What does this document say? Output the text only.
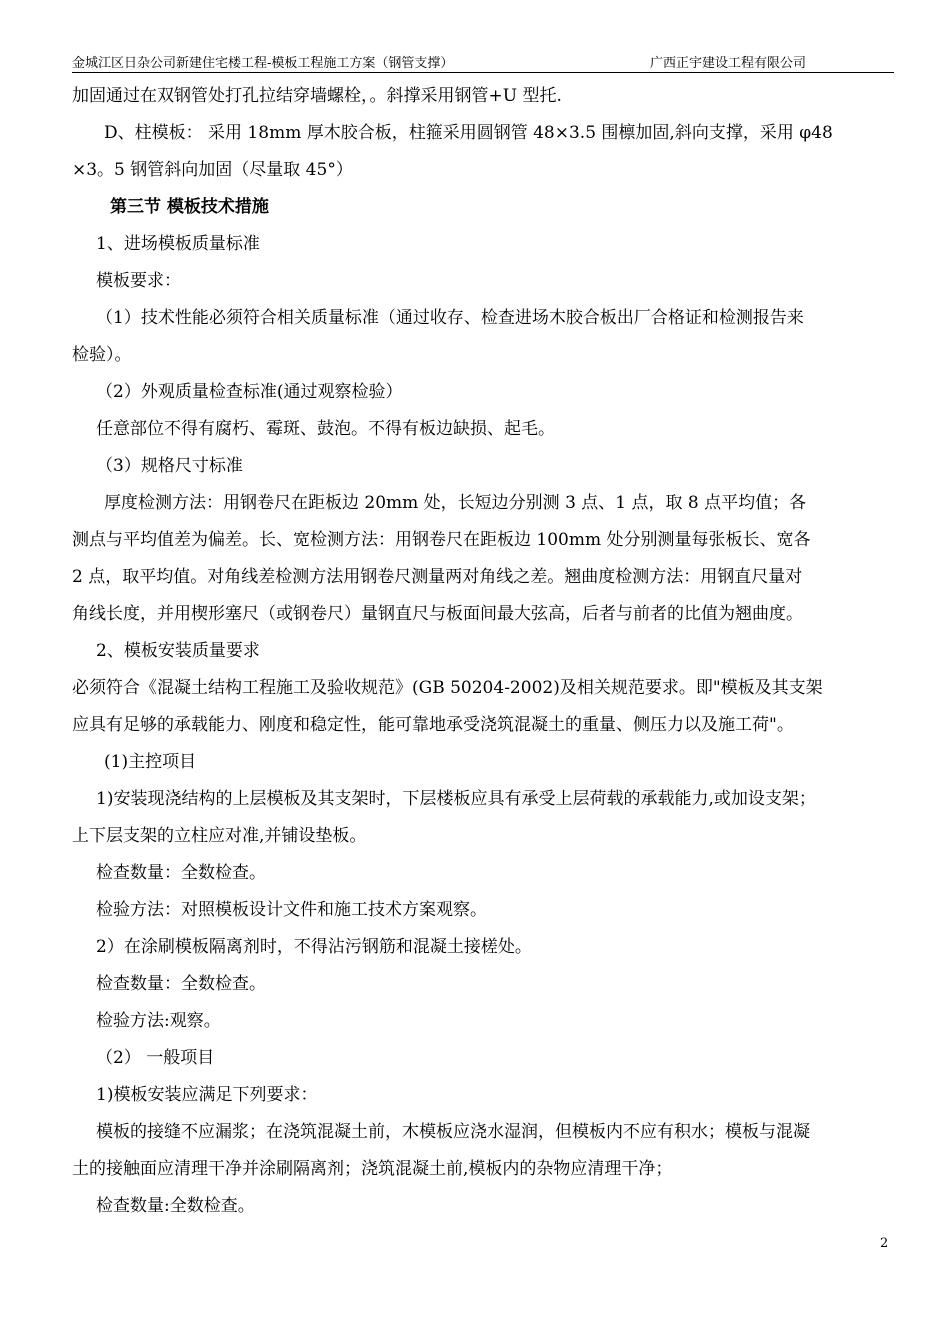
金城江区日杂公司新建住宅楼工程-模板工程施工方案（钢管支撑）	广西正宇建设工程有限公司

加固通过在双钢管处打孔拉结穿墙螺栓，。斜撑采用钢管+U 型托.

D、柱模板： 采用 18mm 厚木胶合板，柱箍采用圆钢管 48×3.5 围檩加固,斜向支撑，采用 φ48

×3。5 钢管斜向加固（尽量取 45°）

第三节 模板技术措施

1、进场模板质量标准

模板要求：

（1）技术性能必须符合相关质量标准（通过收存、检查进场木胶合板出厂合格证和检测报告来

检验）。

（2）外观质量检查标准(通过观察检验）

任意部位不得有腐朽、霉斑、鼓泡。不得有板边缺损、起毛。

（3）规格尺寸标准

厚度检测方法：用钢卷尺在距板边 20mm 处，长短边分别测 3 点、1 点，取 8 点平均值；各

测点与平均值差为偏差。长、宽检测方法：用钢卷尺在距板边 100mm 处分别测量每张板长、宽各

2 点，取平均值。对角线差检测方法用钢卷尺测量两对角线之差。翘曲度检测方法：用钢直尺量对

角线长度，并用楔形塞尺（或钢卷尺）量钢直尺与板面间最大弦高，后者与前者的比值为翘曲度。

2、模板安装质量要求

必须符合《混凝土结构工程施工及验收规范》(GB 50204-2002)及相关规范要求。即"模板及其支架

应具有足够的承载能力、刚度和稳定性，能可靠地承受浇筑混凝土的重量、侧压力以及施工荷"。

(1)主控项目

1)安装现浇结构的上层模板及其支架时，下层楼板应具有承受上层荷载的承载能力,或加设支架；

上下层支架的立柱应对准,并铺设垫板。

检查数量：全数检查。

检验方法：对照模板设计文件和施工技术方案观察。

2）在涂刷模板隔离剂时，不得沾污钢筋和混凝土接槎处。

检查数量：全数检查。

检验方法:观察。

（2） 一般项目

1)模板安装应满足下列要求：

模板的接缝不应漏浆；在浇筑混凝土前，木模板应浇水湿润，但模板内不应有积水；模板与混凝

土的接触面应清理干净并涂刷隔离剂；浇筑混凝土前,模板内的杂物应清理干净；

检查数量:全数检查。

2
